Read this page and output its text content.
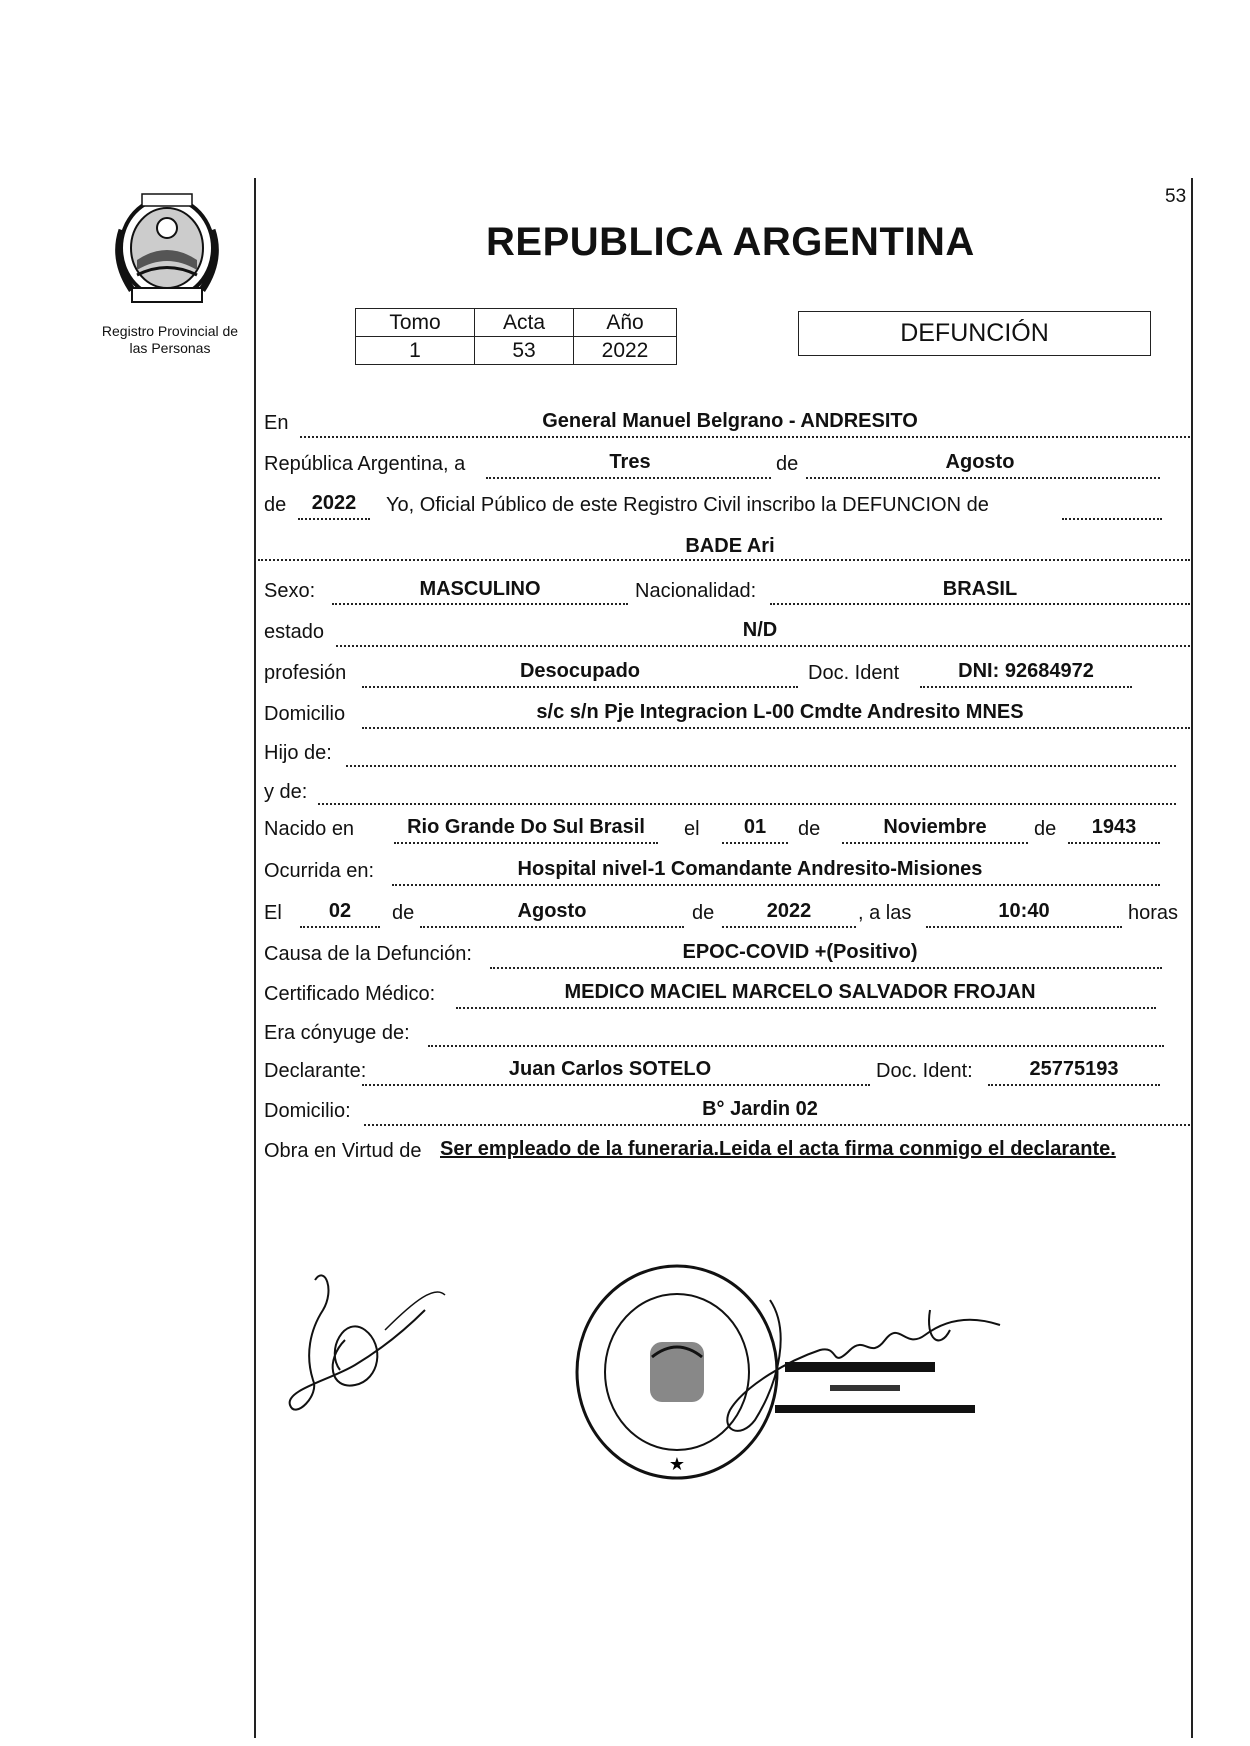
53
Registro Provincial de
las Personas
REPUBLICA ARGENTINA
Tomo	Acta	Año
1	53	2022
DEFUNCIÓN
En	General Manuel Belgrano - ANDRESITO
República Argentina, a	Tres	de	Agosto
de	2022	Yo, Oficial Público de este Registro Civil inscribo la DEFUNCION de
BADE Ari
Sexo:	MASCULINO	Nacionalidad:	BRASIL
estado	N/D
profesión	Desocupado	Doc. Ident	DNI: 92684972
Domicilio	s/c s/n Pje Integracion L-00 Cmdte Andresito MNES
Hijo de:
y de:
Nacido en	Rio Grande Do Sul Brasil	el	01	de	Noviembre	de	1943
Ocurrida en:	Hospital nivel-1 Comandante Andresito-Misiones
El	02	de	Agosto	de	2022	, a las	10:40	horas
Causa de la Defunción:	EPOC-COVID +(Positivo)
Certificado Médico:	MEDICO MACIEL MARCELO SALVADOR FROJAN
Era cónyuge de:
Declarante:	Juan Carlos SOTELO	Doc. Ident:	25775193
Domicilio:	B° Jardin 02
Obra en Virtud de Ser empleado de la funeraria.Leida el acta firma conmigo el declarante.
★
